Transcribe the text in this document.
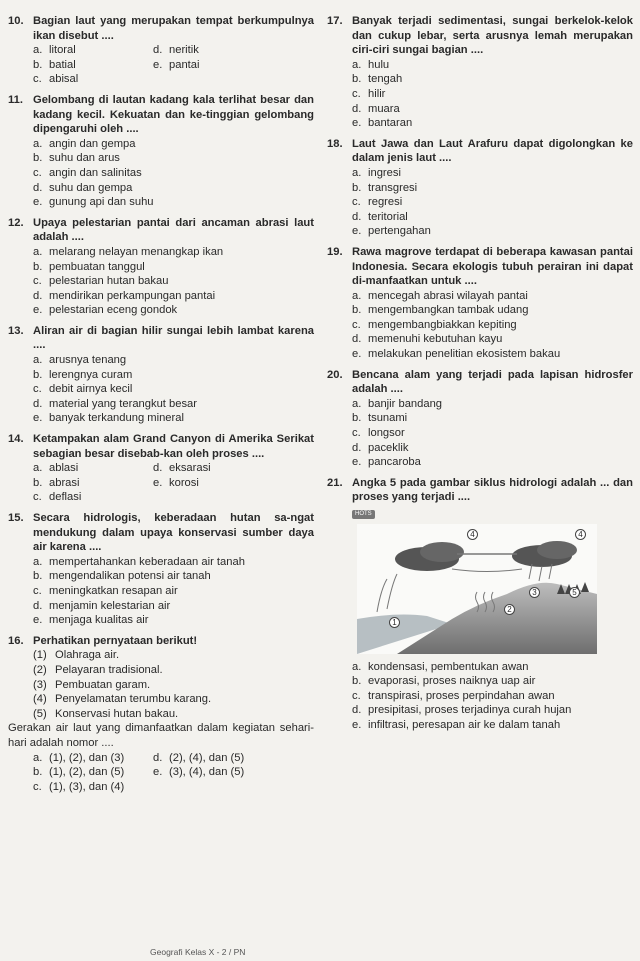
10. Bagian laut yang merupakan tempat berkumpulnya ikan disebut ....
a. litoral	d. neritik
b. batial	e. pantai
c. abisal
11. Gelombang di lautan kadang kala terlihat besar dan kadang kecil. Kekuatan dan ke-tinggian gelombang dipengaruhi oleh ....
a. angin dan gempa
b. suhu dan arus
c. angin dan salinitas
d. suhu dan gempa
e. gunung api dan suhu
12. Upaya pelestarian pantai dari ancaman abrasi laut adalah ....
a. melarang nelayan menangkap ikan
b. pembuatan tanggul
c. pelestarian hutan bakau
d. mendirikan perkampungan pantai
e. pelestarian eceng gondok
13. Aliran air di bagian hilir sungai lebih lambat karena ....
a. arusnya tenang
b. lerengnya curam
c. debit airnya kecil
d. material yang terangkut besar
e. banyak terkandung mineral
14. Ketampakan alam Grand Canyon di Amerika Serikat sebagian besar disebab-kan oleh proses ....
a. ablasi	d. eksarasi
b. abrasi	e. korosi
c. deflasi
15. Secara hidrologis, keberadaan hutan sa-ngat mendukung dalam upaya konservasi sumber daya air karena ....
a. mempertahankan keberadaan air tanah
b. mengendalikan potensi air tanah
c. meningkatkan resapan air
d. menjamin kelestarian air
e. menjaga kualitas air
16. Perhatikan pernyataan berikut!
(1) Olahraga air.
(2) Pelayaran tradisional.
(3) Pembuatan garam.
(4) Penyelamatan terumbu karang.
(5) Konservasi hutan bakau.
Gerakan air laut yang dimanfaatkan dalam kegiatan sehari-hari adalah nomor ....
a. (1), (2), dan (3)	d. (2), (4), dan (5)
b. (1), (2), dan (5)	e. (3), (4), dan (5)
c. (1), (3), dan (4)
17. Banyak terjadi sedimentasi, sungai berkelok-kelok dan cukup lebar, serta arusnya lemah merupakan ciri-ciri sungai bagian ....
a. hulu
b. tengah
c. hilir
d. muara
e. bantaran
18. Laut Jawa dan Laut Arafuru dapat digolongkan ke dalam jenis laut ....
a. ingresi
b. transgresi
c. regresi
d. teritorial
e. pertengahan
19. Rawa magrove terdapat di beberapa kawasan pantai Indonesia. Secara ekologis tubuh perairan ini dapat di-manfaatkan untuk ....
a. mencegah abrasi wilayah pantai
b. mengembangkan tambak udang
c. mengembangbiakkan kepiting
d. memenuhi kebutuhan kayu
e. melakukan penelitian ekosistem bakau
20. Bencana alam yang terjadi pada lapisan hidrosfer adalah ....
a. banjir bandang
b. tsunami
c. longsor
d. paceklik
e. pancaroba
21. Angka 5 pada gambar siklus hidrologi adalah ... dan proses yang terjadi ....
HOTS
1
2
3
4	4
5
a. kondensasi, pembentukan awan
b. evaporasi, proses naiknya uap air
c. transpirasi, proses perpindahan awan
d. presipitasi, proses terjadinya curah hujan
e. infiltrasi, peresapan air ke dalam tanah
Geografi Kelas X - 2 / PN
